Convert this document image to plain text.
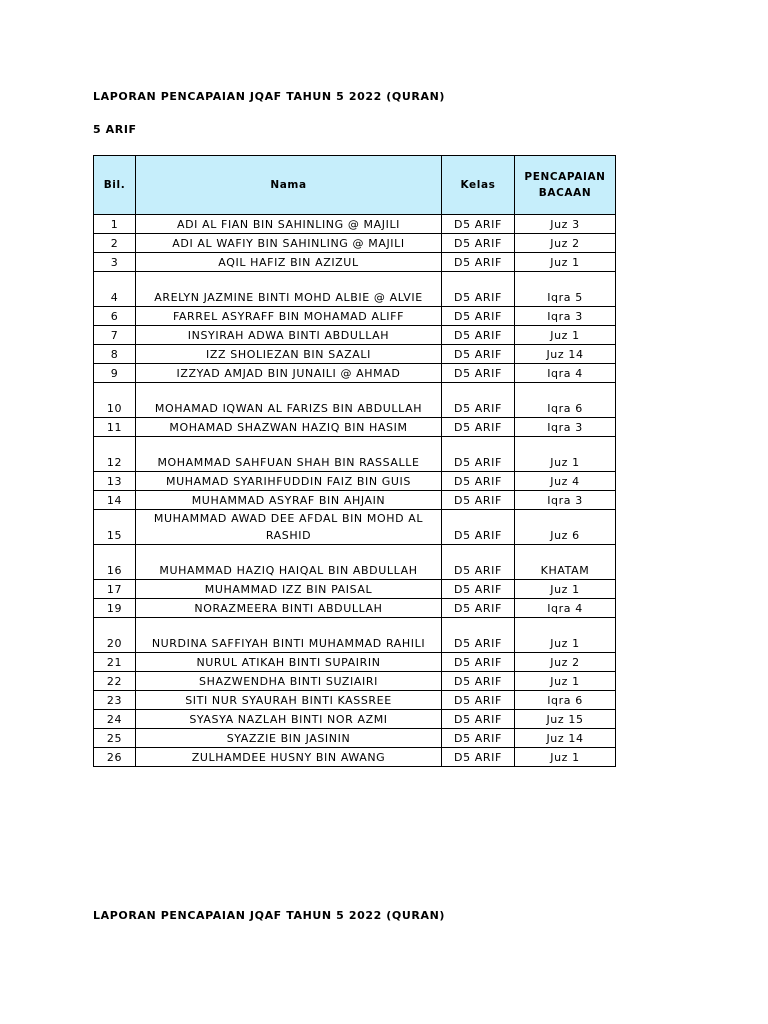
LAPORAN PENCAPAIAN JQAF TAHUN 5 2022 (QURAN)

5 ARIF

Bil.	Nama	Kelas	PENCAPAIAN
BACAAN

1	ADI AL FIAN BIN SAHINLING @ MAJILI	D5 ARIF	Juz 3
2	ADI AL WAFIY BIN SAHINLING @ MAJILI	D5 ARIF	Juz 2
3	AQIL HAFIZ BIN AZIZUL	D5 ARIF	Juz 1
4	ARELYN JAZMINE BINTI MOHD ALBIE @ ALVIE	D5 ARIF	Iqra 5
6	FARREL ASYRAFF BIN MOHAMAD ALIFF	D5 ARIF	Iqra 3
7	INSYIRAH ADWA BINTI ABDULLAH	D5 ARIF	Juz 1
8	IZZ SHOLIEZAN BIN SAZALI	D5 ARIF	Juz 14
9	IZZYAD AMJAD BIN JUNAILI @ AHMAD	D5 ARIF	Iqra 4
10	MOHAMAD IQWAN AL FARIZS BIN ABDULLAH	D5 ARIF	Iqra 6
11	MOHAMAD SHAZWAN HAZIQ BIN HASIM	D5 ARIF	Iqra 3
12	MOHAMMAD SAHFUAN SHAH BIN RASSALLE	D5 ARIF	Juz 1
13	MUHAMAD SYARIHFUDDIN FAIZ BIN GUIS	D5 ARIF	Juz 4
14	MUHAMMAD ASYRAF BIN AHJAIN	D5 ARIF	Iqra 3
15	MUHAMMAD AWAD DEE AFDAL BIN MOHD AL RASHID	D5 ARIF	Juz 6
16	MUHAMMAD HAZIQ HAIQAL BIN ABDULLAH	D5 ARIF	KHATAM
17	MUHAMMAD IZZ BIN PAISAL	D5 ARIF	Juz 1
19	NORAZMEERA BINTI ABDULLAH	D5 ARIF	Iqra 4
20	NURDINA SAFFIYAH BINTI MUHAMMAD RAHILI	D5 ARIF	Juz 1
21	NURUL ATIKAH BINTI SUPAIRIN	D5 ARIF	Juz 2
22	SHAZWENDHA BINTI SUZIAIRI	D5 ARIF	Juz 1
23	SITI NUR SYAURAH BINTI KASSREE	D5 ARIF	Iqra 6
24	SYASYA NAZLAH BINTI NOR AZMI	D5 ARIF	Juz 15
25	SYAZZIE BIN JASININ	D5 ARIF	Juz 14
26	ZULHAMDEE HUSNY BIN AWANG	D5 ARIF	Juz 1

LAPORAN PENCAPAIAN JQAF TAHUN 5 2022 (QURAN)
